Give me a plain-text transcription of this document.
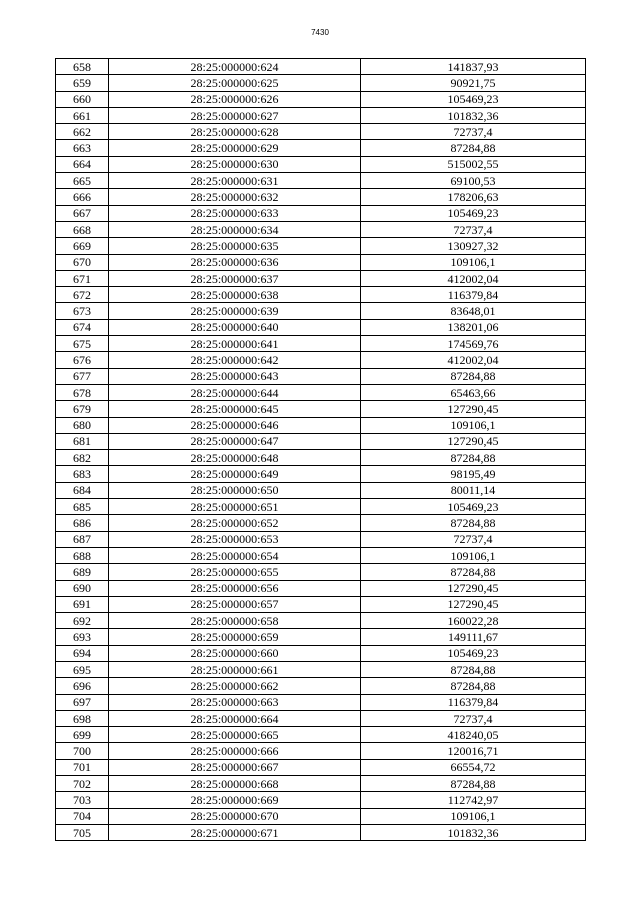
7430
658	28:25:000000:624	141837,93
659	28:25:000000:625	90921,75
660	28:25:000000:626	105469,23
661	28:25:000000:627	101832,36
662	28:25:000000:628	72737,4
663	28:25:000000:629	87284,88
664	28:25:000000:630	515002,55
665	28:25:000000:631	69100,53
666	28:25:000000:632	178206,63
667	28:25:000000:633	105469,23
668	28:25:000000:634	72737,4
669	28:25:000000:635	130927,32
670	28:25:000000:636	109106,1
671	28:25:000000:637	412002,04
672	28:25:000000:638	116379,84
673	28:25:000000:639	83648,01
674	28:25:000000:640	138201,06
675	28:25:000000:641	174569,76
676	28:25:000000:642	412002,04
677	28:25:000000:643	87284,88
678	28:25:000000:644	65463,66
679	28:25:000000:645	127290,45
680	28:25:000000:646	109106,1
681	28:25:000000:647	127290,45
682	28:25:000000:648	87284,88
683	28:25:000000:649	98195,49
684	28:25:000000:650	80011,14
685	28:25:000000:651	105469,23
686	28:25:000000:652	87284,88
687	28:25:000000:653	72737,4
688	28:25:000000:654	109106,1
689	28:25:000000:655	87284,88
690	28:25:000000:656	127290,45
691	28:25:000000:657	127290,45
692	28:25:000000:658	160022,28
693	28:25:000000:659	149111,67
694	28:25:000000:660	105469,23
695	28:25:000000:661	87284,88
696	28:25:000000:662	87284,88
697	28:25:000000:663	116379,84
698	28:25:000000:664	72737,4
699	28:25:000000:665	418240,05
700	28:25:000000:666	120016,71
701	28:25:000000:667	66554,72
702	28:25:000000:668	87284,88
703	28:25:000000:669	112742,97
704	28:25:000000:670	109106,1
705	28:25:000000:671	101832,36
